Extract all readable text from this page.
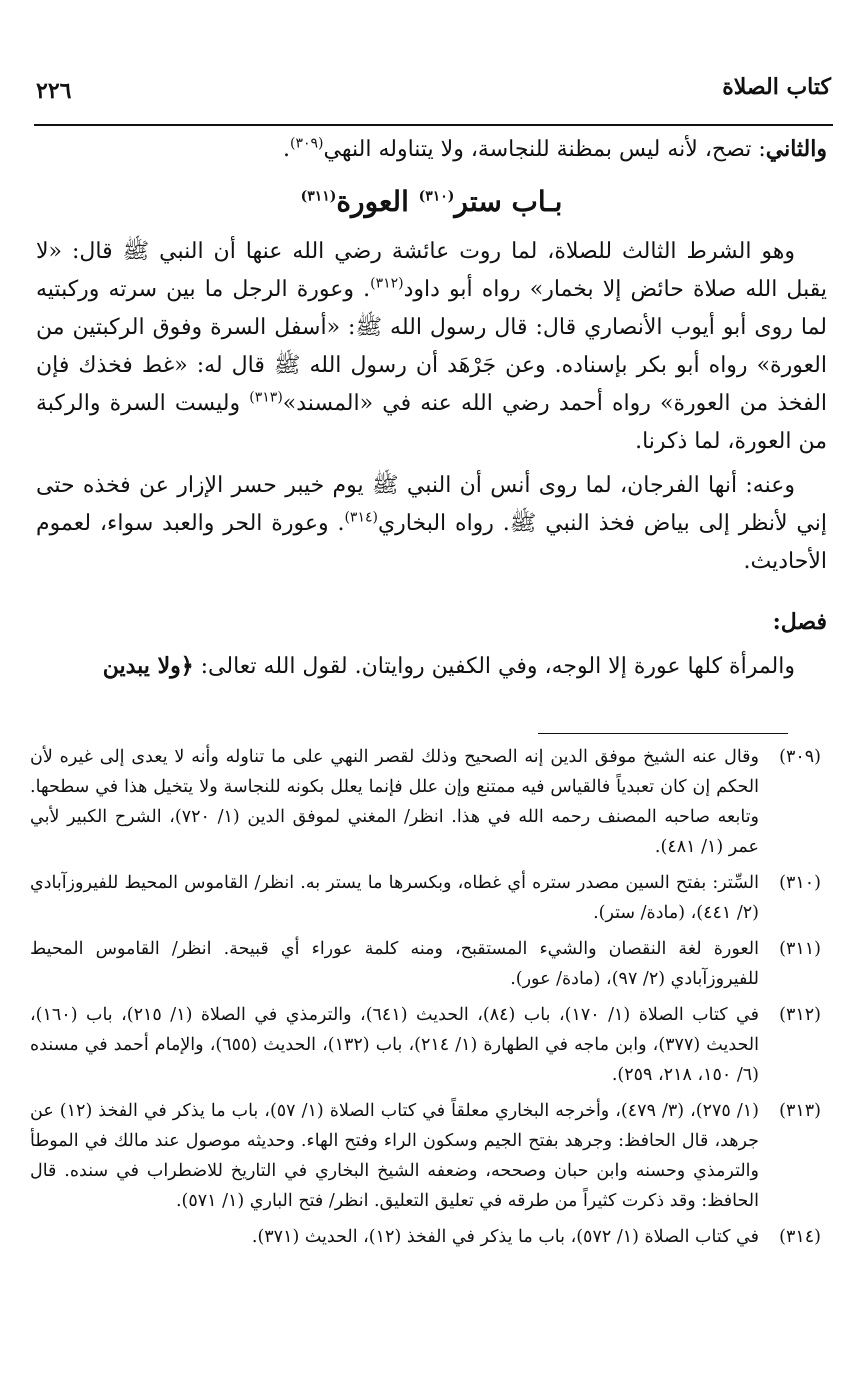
كتاب الصلاة
٢٢٦

والثاني: تصح، لأنه ليس بمظنة للنجاسة، ولا يتناوله النهي$^{(٣٠٩)}$.

بـاب ستر$^{(٣١٠)}$ العورة$^{(٣١١)}$

وهو الشرط الثالث للصلاة، لما روت عائشة رضي الله عنها أن النبي ﷺ قال: «لا يقبل الله صلاة حائض إلا بخمار» رواه أبو داود$^{(٣١٢)}$. وعورة الرجل ما بين سرته وركبتيه لما روى أبو أيوب الأنصاري قال: قال رسول الله ﷺ: «أسفل السرة وفوق الركبتين من العورة» رواه أبو بكر بإسناده. وعن جَرْهَد أن رسول الله ﷺ قال له: «غط فخذك فإن الفخذ من العورة» رواه أحمد رضي الله عنه في «المسند»$^{(٣١٣)}$ وليست السرة والركبة من العورة، لما ذكرنا.

وعنه: أنها الفرجان، لما روى أنس أن النبي ﷺ يوم خيبر حسر الإزار عن فخذه حتى إني لأنظر إلى بياض فخذ النبي ﷺ. رواه البخاري$^{(٣١٤)}$. وعورة الحر والعبد سواء، لعموم الأحاديث.

فصل:

والمرأة كلها عورة إلا الوجه، وفي الكفين روايتان. لقول الله تعالى: ﴿ولا يبدين

(٣٠٩)
وقال عنه الشيخ موفق الدين إنه الصحيح وذلك لقصر النهي على ما تناوله وأنه لا يعدى إلى غيره لأن الحكم إن كان تعبدياً فالقياس فيه ممتنع وإن علل فإنما يعلل بكونه للنجاسة ولا يتخيل هذا في سطحها. وتابعه صاحبه المصنف رحمه الله في هذا. انظر/ المغني لموفق الدين (١/ ٧٢٠)، الشرح الكبير لأبي عمر (١/ ٤٨١).
(٣١٠)
السِّتر: بفتح السين مصدر ستره أي غطاه، وبكسرها ما يستر به. انظر/ القاموس المحيط للفيروزآبادي (٢/ ٤٤١)، (مادة/ ستر).
(٣١١)
العورة لغة النقصان والشيء المستقبح، ومنه كلمة عوراء أي قبيحة. انظر/ القاموس المحيط للفيروزآبادي (٢/ ٩٧)، (مادة/ عور).
(٣١٢)
في كتاب الصلاة (١/ ١٧٠)، باب (٨٤)، الحديث (٦٤١)، والترمذي في الصلاة (١/ ٢١٥)، باب (١٦٠)، الحديث (٣٧٧)، وابن ماجه في الطهارة (١/ ٢١٤)، باب (١٣٢)، الحديث (٦٥٥)، والإمام أحمد في مسنده (٦/ ١٥٠، ٢١٨، ٢٥٩).
(٣١٣)
(١/ ٢٧٥)، (٣/ ٤٧٩)، وأخرجه البخاري معلقاً في كتاب الصلاة (١/ ٥٧)، باب ما يذكر في الفخذ (١٢) عن جرهد، قال الحافظ: وجرهد بفتح الجيم وسكون الراء وفتح الهاء. وحديثه موصول عند مالك في الموطأ والترمذي وحسنه وابن حبان وصححه، وضعفه الشيخ البخاري في التاريخ للاضطراب في سنده. قال الحافظ: وقد ذكرت كثيراً من طرقه في تعليق التعليق. انظر/ فتح الباري (١/ ٥٧١).
(٣١٤)
في كتاب الصلاة (١/ ٥٧٢)، باب ما يذكر في الفخذ (١٢)، الحديث (٣٧١).
